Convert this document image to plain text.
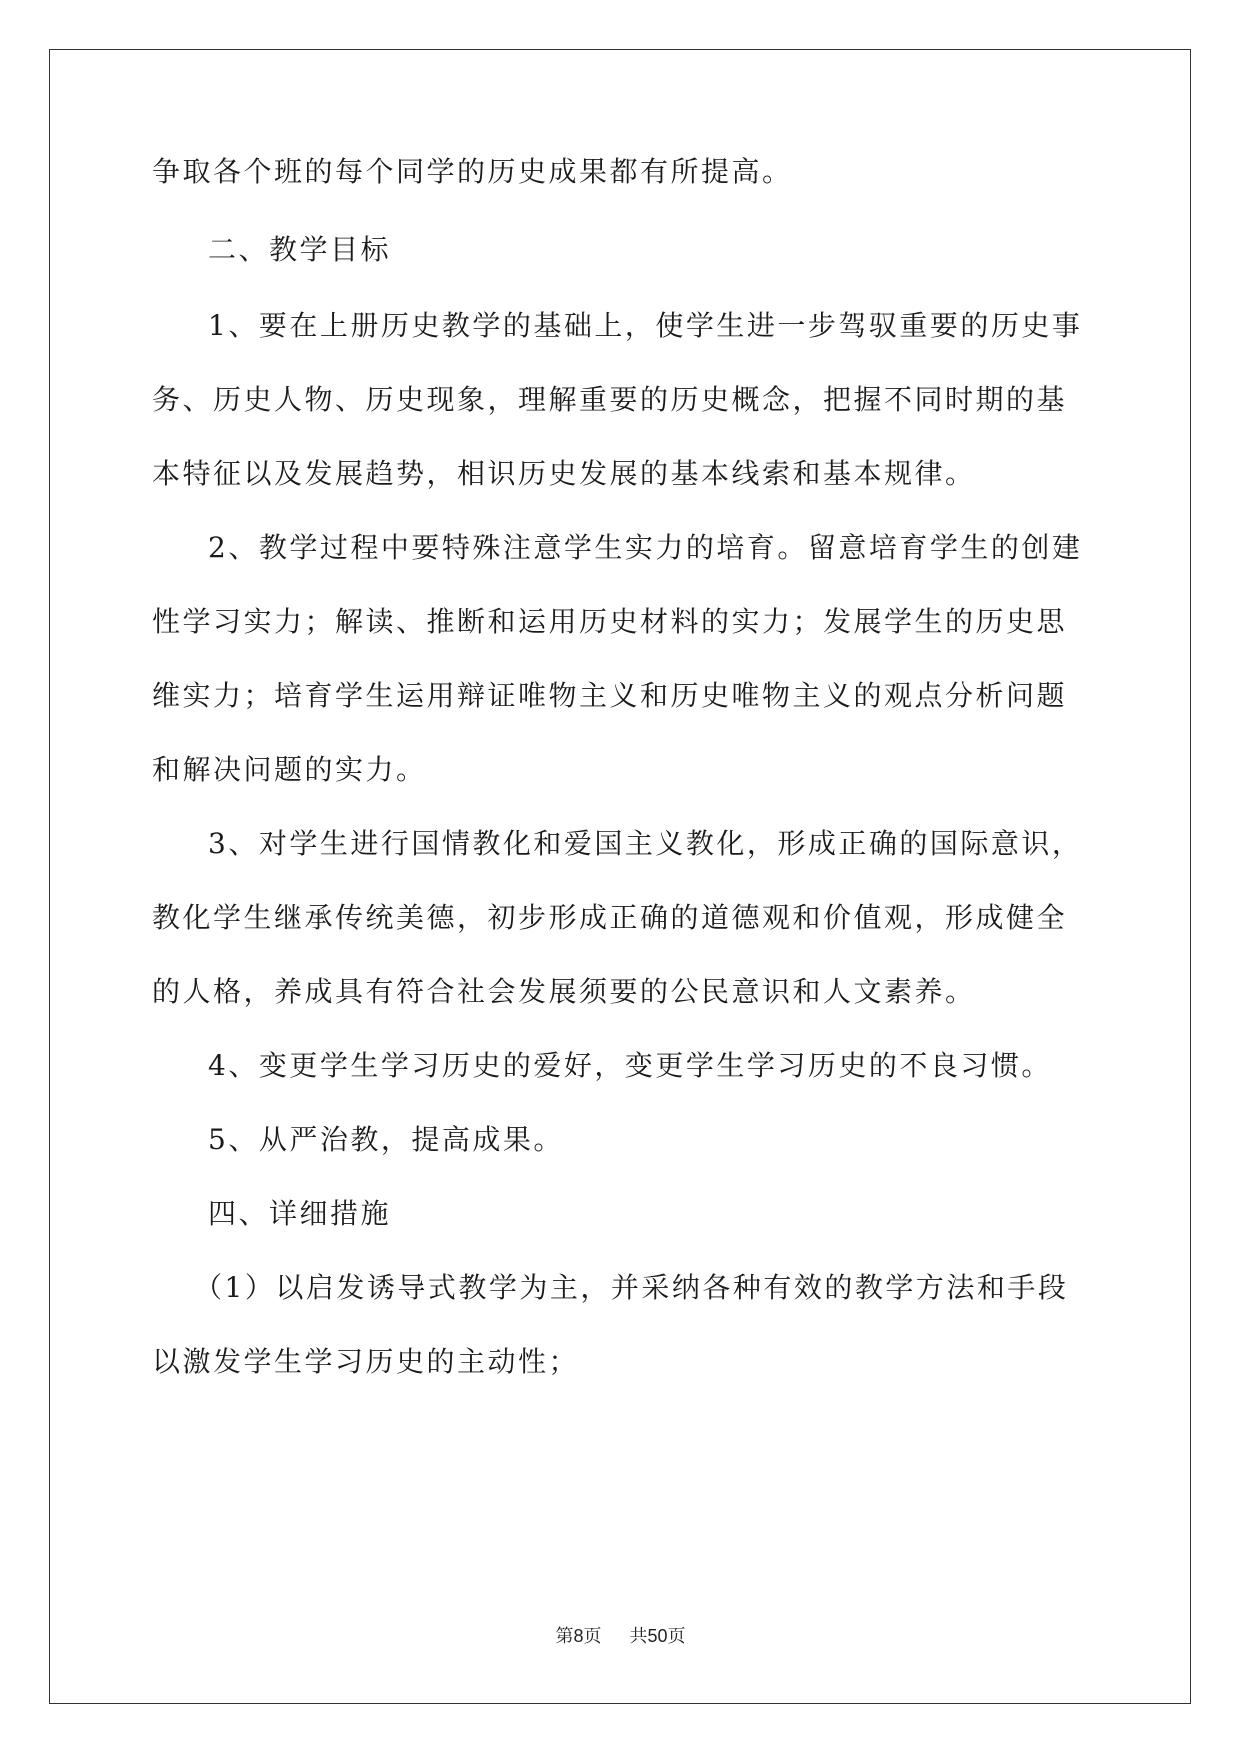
争取各个班的每个同学的历史成果都有所提高。
二、教学目标
1、要在上册历史教学的基础上，使学生进一步驾驭重要的历史事
务、历史人物、历史现象，理解重要的历史概念，把握不同时期的基
本特征以及发展趋势，相识历史发展的基本线索和基本规律。
2、教学过程中要特殊注意学生实力的培育。留意培育学生的创建
性学习实力；解读、推断和运用历史材料的实力；发展学生的历史思
维实力；培育学生运用辩证唯物主义和历史唯物主义的观点分析问题
和解决问题的实力。
3、对学生进行国情教化和爱国主义教化，形成正确的国际意识，
教化学生继承传统美德，初步形成正确的道德观和价值观，形成健全
的人格，养成具有符合社会发展须要的公民意识和人文素养。
4、变更学生学习历史的爱好，变更学生学习历史的不良习惯。
5、从严治教，提高成果。
四、详细措施
（1）以启发诱导式教学为主，并采纳各种有效的教学方法和手段
以激发学生学习历史的主动性；
第8页 共50页
